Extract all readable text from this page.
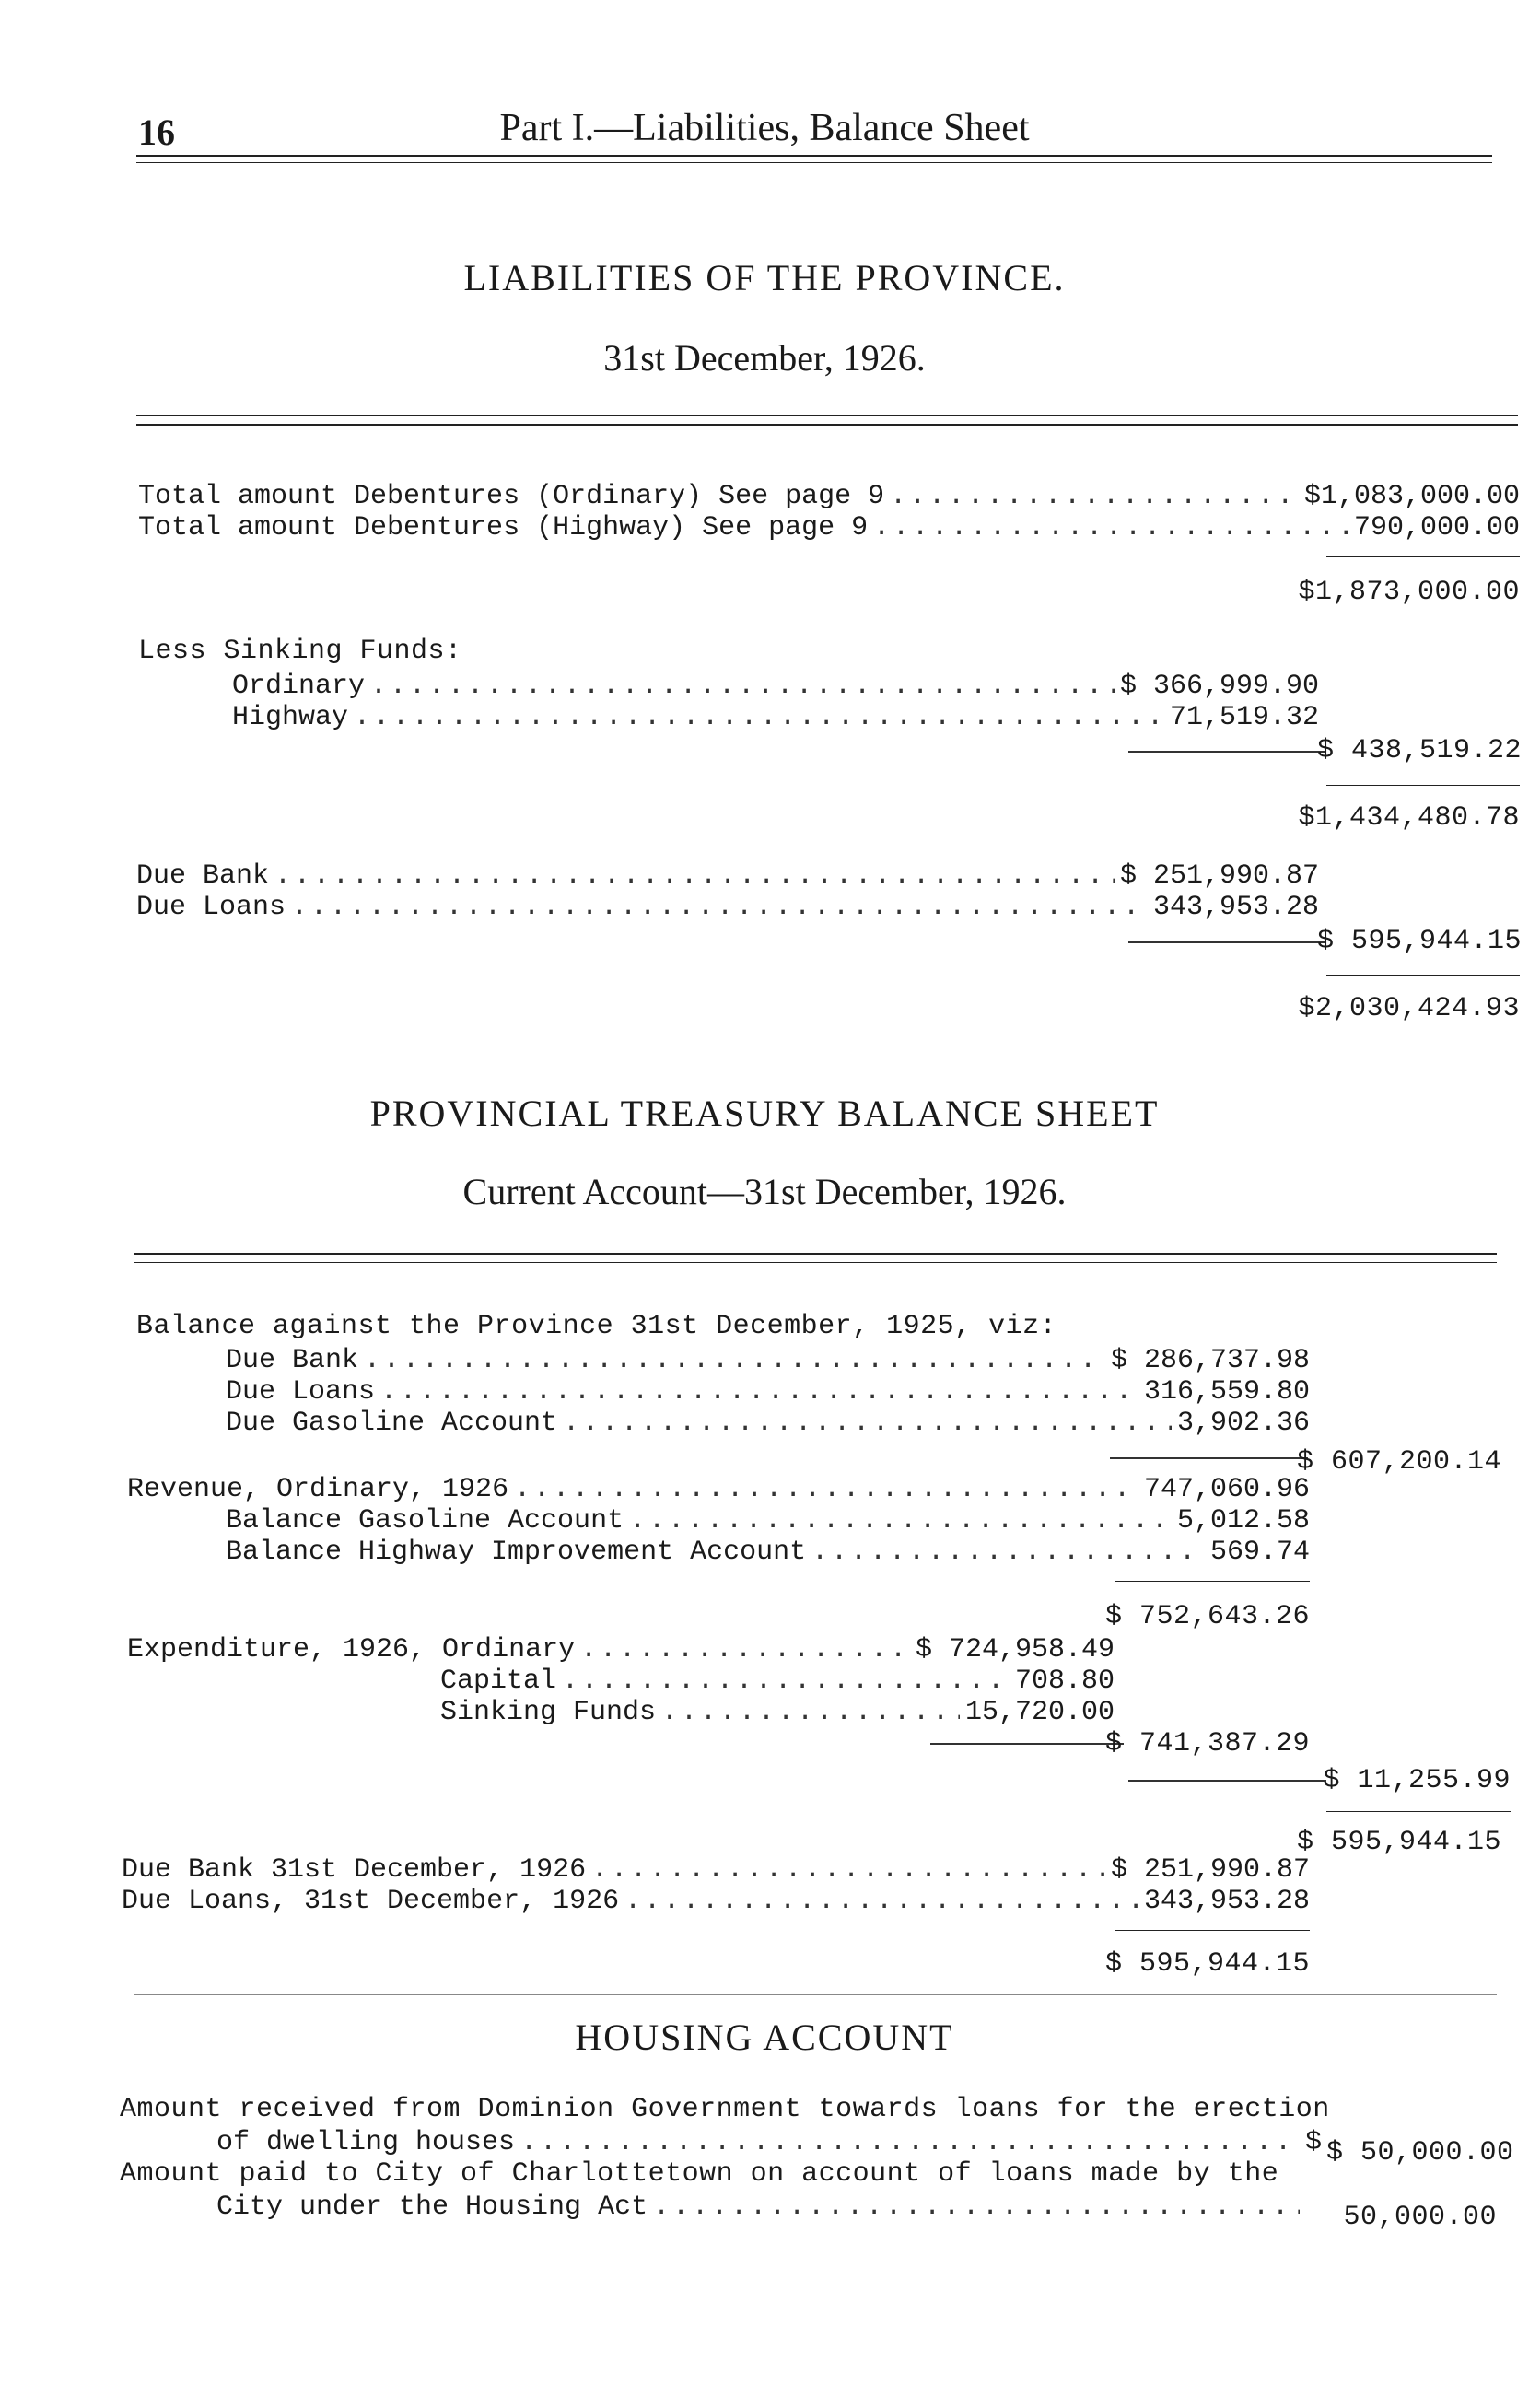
16	Part I.—Liabilities, Balance Sheet
LIABILITIES OF THE PROVINCE.
31st December, 1926.
Total amount Debentures (Ordinary) See page 9 .....	$1,083,000.00
Total amount Debentures (Highway) See page 9 .....	790,000.00
$1,873,000.00
Less Sinking Funds:
Ordinary .....	$ 366,999.90
Highway .....	71,519.32
$ 438,519.22
$1,434,480.78
Due Bank .....	$ 251,990.87
Due Loans .....	343,953.28
$ 595,944.15
$2,030,424.93
PROVINCIAL TREASURY BALANCE SHEET
Current Account—31st December, 1926.
Balance against the Province 31st December, 1925, viz:
Due Bank .....	$ 286,737.98
Due Loans .....	316,559.80
Due Gasoline Account .....	3,902.36
$ 607,200.14
Revenue, Ordinary, 1926 .....	747,060.96
Balance Gasoline Account .....	5,012.58
Balance Highway Improvement Account .....	569.74
$ 752,643.26
Expenditure, 1926, Ordinary .....	$ 724,958.49
Capital .....	708.80
Sinking Funds .....	15,720.00
$ 741,387.29
$ 11,255.99
$ 595,944.15
Due Bank 31st December, 1926 .....	$ 251,990.87
Due Loans, 31st December, 1926 .....	343,953.28
$ 595,944.15
HOUSING ACCOUNT
Amount received from Dominion Government towards loans for the erection
of dwelling houses .....	$ $ 50,000.00
Amount paid to City of Charlottetown on account of loans made by the
City under the Housing Act .....	50,000.00
